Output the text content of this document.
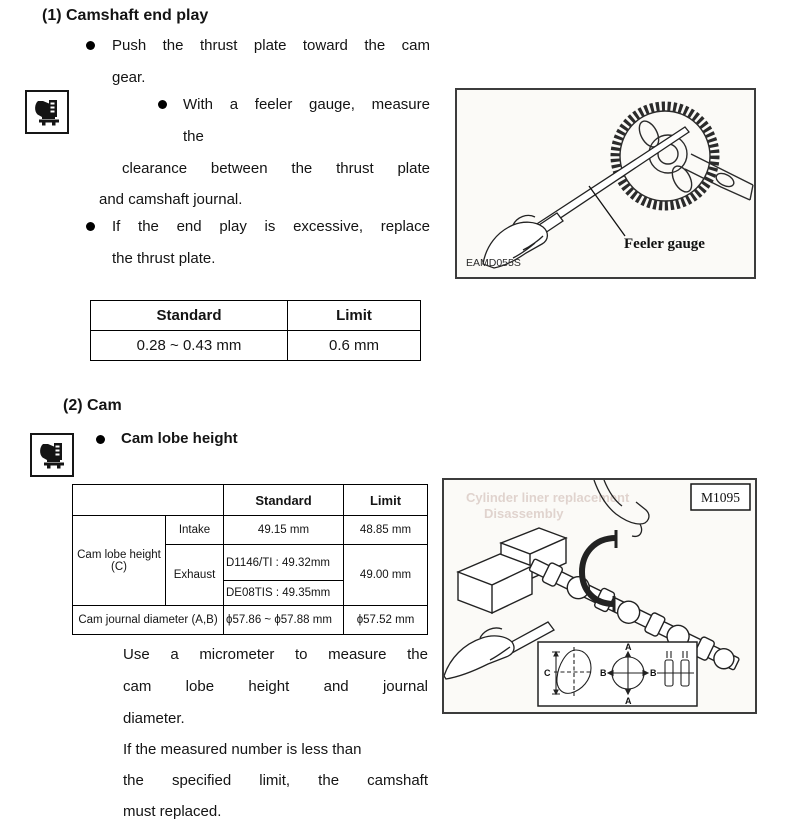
(1) Camshaft end play
Push the thrust plate toward the cam
gear.
With a feeler gauge, measure
the
clearance between the thrust plate
and camshaft journal.
If the end play is excessive, replace
the thrust plate.
Standard	Limit
0.28 ~ 0.43 mm	0.6 mm
Feeler gauge
EAMD055S
(2) Cam
Cam lobe height
		Standard	Limit
Cam lobe height
(C)	Intake	49.15 mm	48.85 mm
	Exhaust	D1146/TI : 49.32mm	49.00 mm
		DE08TIS : 49.35mm	
Cam journal diameter (A,B)		ϕ57.86 ~ ϕ57.88 mm	ϕ57.52 mm
Cylinder liner replacement
Disassembly
M1095
C
A
A
B	B
Use a micrometer to measure the
cam lobe height and journal
diameter.
If the measured number is less than
the specified limit, the camshaft
must replaced.
